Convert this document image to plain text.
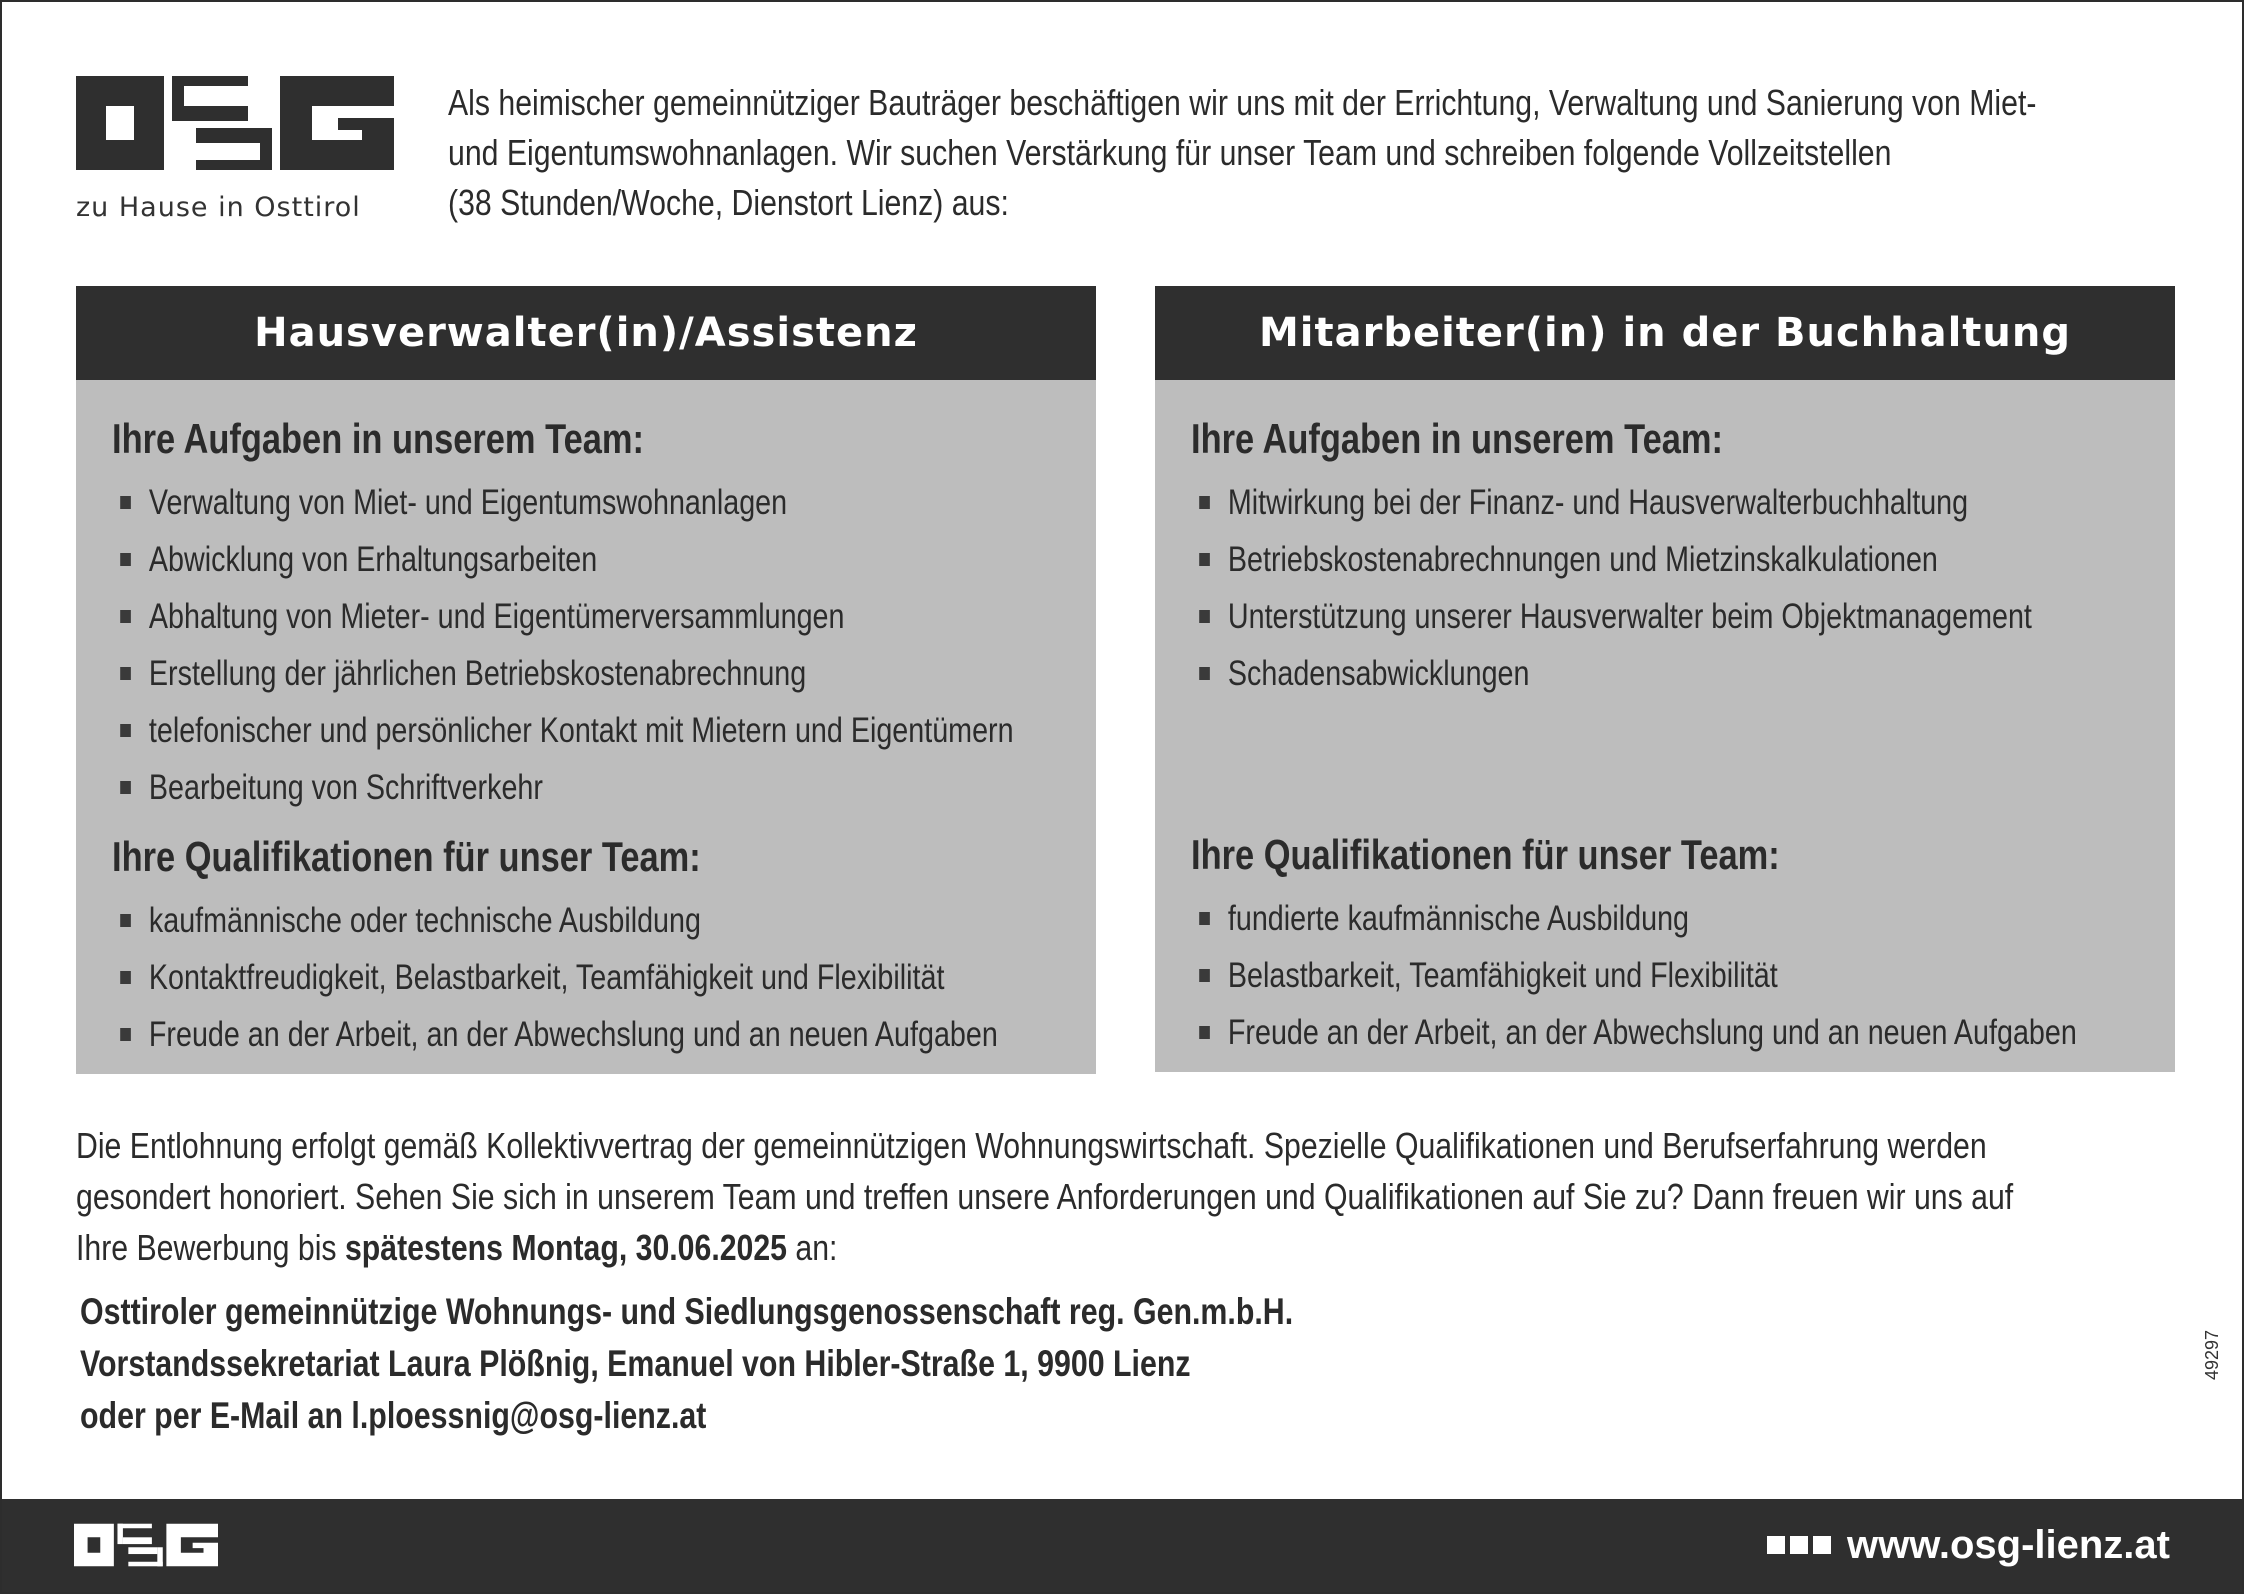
zu Hause in Osttirol

Als heimischer gemeinnütziger Bauträger beschäftigen wir uns mit der Errichtung, Verwaltung und Sanierung von Miet-

und Eigentumswohnanlagen. Wir suchen Verstärkung für unser Team und schreiben folgende Vollzeitstellen

(38 Stunden/Woche, Dienstort Lienz) aus:

Hausverwalter(in)/Assistenz
Ihre Aufgaben in unserem Team:
Verwaltung von Miet- und Eigentumswohnanlagen
Abwicklung von Erhaltungsarbeiten
Abhaltung von Mieter- und Eigentümerversammlungen
Erstellung der jährlichen Betriebskostenabrechnung
telefonischer und persönlicher Kontakt mit Mietern und Eigentümern
Bearbeitung von Schriftverkehr
Ihre Qualifikationen für unser Team:
kaufmännische oder technische Ausbildung
Kontaktfreudigkeit, Belastbarkeit, Teamfähigkeit und Flexibilität
Freude an der Arbeit, an der Abwechslung und an neuen Aufgaben
Mitarbeiter(in) in der Buchhaltung
Ihre Aufgaben in unserem Team:
Mitwirkung bei der Finanz- und Hausverwalterbuchhaltung
Betriebskostenabrechnungen und Mietzinskalkulationen
Unterstützung unserer Hausverwalter beim Objektmanagement
Schadensabwicklungen
Ihre Qualifikationen für unser Team:
fundierte kaufmännische Ausbildung
Belastbarkeit, Teamfähigkeit und Flexibilität
Freude an der Arbeit, an der Abwechslung und an neuen Aufgaben

Die Entlohnung erfolgt gemäß Kollektivvertrag der gemeinnützigen Wohnungswirtschaft. Spezielle Qualifikationen und Berufserfahrung werden

gesondert honoriert. Sehen Sie sich in unserem Team und treffen unsere Anforderungen und Qualifikationen auf Sie zu? Dann freuen wir uns auf

Ihre Bewerbung bis spätestens Montag, 30.06.2025 an:

Osttiroler gemeinnützige Wohnungs- und Siedlungsgenossenschaft reg. Gen.m.b.H.

Vorstandssekretariat Laura Plößnig, Emanuel von Hibler-Straße 1, 9900 Lienz

oder per E-Mail an l.ploessnig@osg-lienz.at

49297
www.osg-lienz.at
